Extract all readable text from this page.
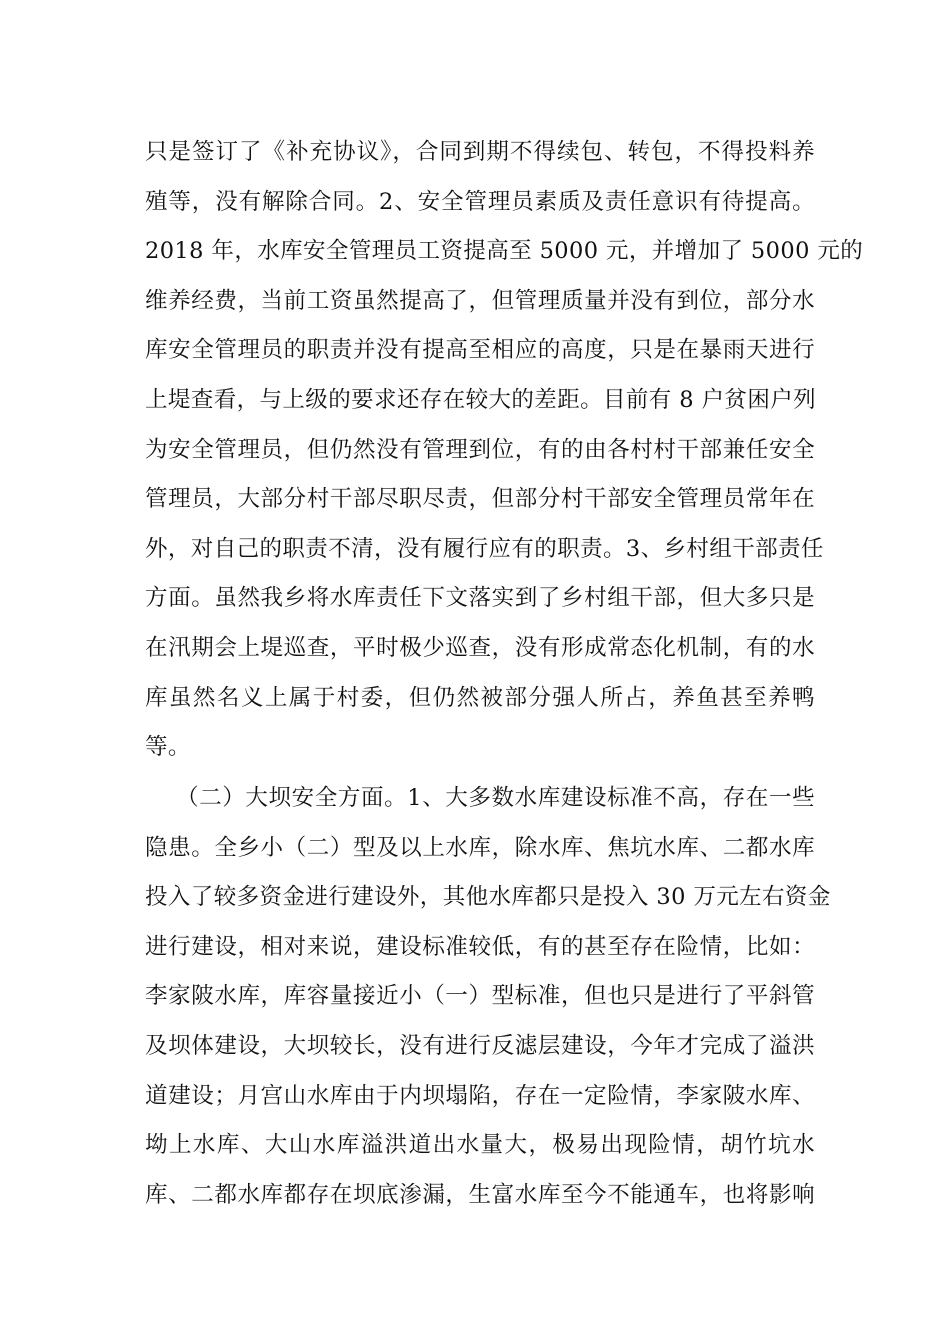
只是签订了《补充协议》，合同到期不得续包、转包，不得投料养
殖等，没有解除合同。2、安全管理员素质及责任意识有待提高。
2018 年，水库安全管理员工资提高至 5000 元，并增加了 5000 元的
维养经费，当前工资虽然提高了，但管理质量并没有到位，部分水
库安全管理员的职责并没有提高至相应的高度，只是在暴雨天进行
上堤查看，与上级的要求还存在较大的差距。目前有 8 户贫困户列
为安全管理员，但仍然没有管理到位，有的由各村村干部兼任安全
管理员，大部分村干部尽职尽责，但部分村干部安全管理员常年在
外，对自己的职责不清，没有履行应有的职责。3、乡村组干部责任
方面。虽然我乡将水库责任下文落实到了乡村组干部，但大多只是
在汛期会上堤巡查，平时极少巡查，没有形成常态化机制，有的水
库虽然名义上属于村委，但仍然被部分强人所占，养鱼甚至养鸭
等。
（二）大坝安全方面。1、大多数水库建设标准不高，存在一些
隐患。全乡小（二）型及以上水库，除水库、焦坑水库、二都水库
投入了较多资金进行建设外，其他水库都只是投入 30 万元左右资金
进行建设，相对来说，建设标准较低，有的甚至存在险情，比如：
李家陂水库，库容量接近小（一）型标准，但也只是进行了平斜管
及坝体建设，大坝较长，没有进行反滤层建设，今年才完成了溢洪
道建设；月宫山水库由于内坝塌陷，存在一定险情，李家陂水库、
坳上水库、大山水库溢洪道出水量大，极易出现险情，胡竹坑水
库、二都水库都存在坝底渗漏，生富水库至今不能通车，也将影响
